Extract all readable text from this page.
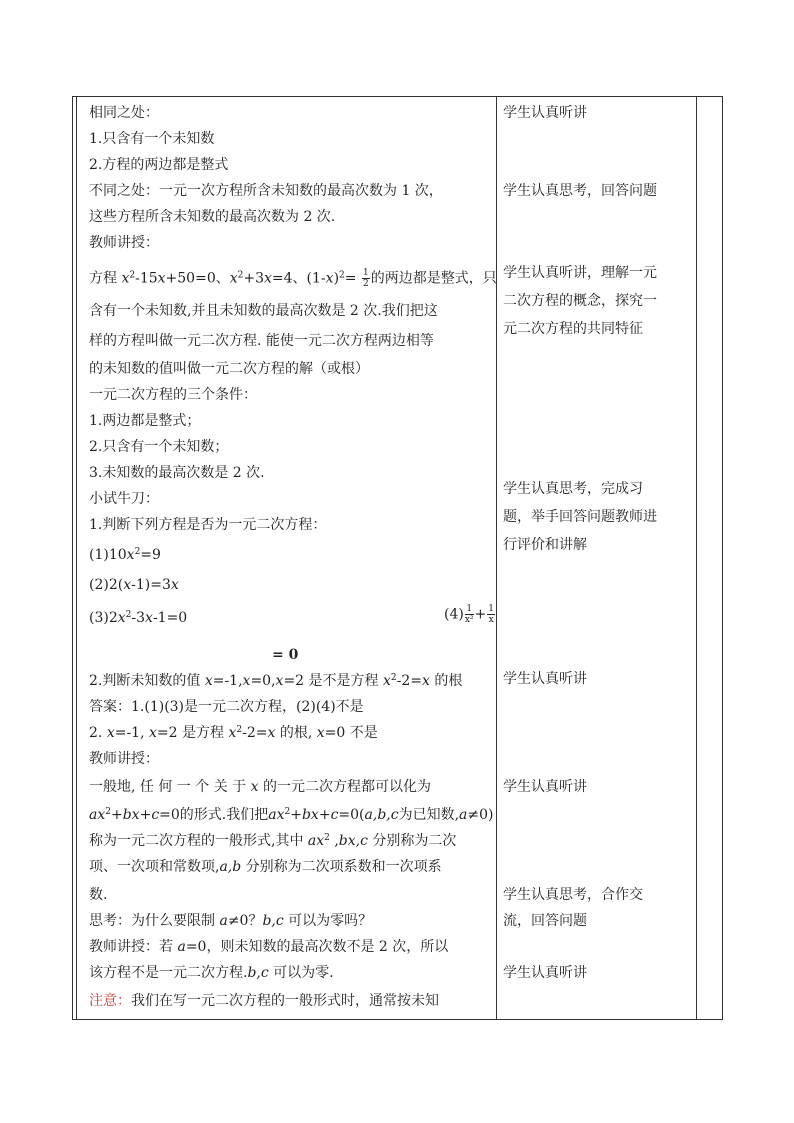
相同之处：
1.只含有一个未知数
2.方程的两边都是整式
不同之处：一元一次方程所含未知数的最高次数为 1 次，
这些方程所含未知数的最高次数为 2 次.
教师讲授：
方程 $x^2-15x+50=0$、$x^2+3x=4$、$(1-x)^2= \frac{1}{2}$ 的两边都是整式，只
含有一个未知数,并且未知数的最高次数是 2 次.我们把这
样的方程叫做一元二次方程. 能使一元二次方程两边相等
的未知数的值叫做一元二次方程的解（或根）
一元二次方程的三个条件：
1.两边都是整式；
2.只含有一个未知数；
3.未知数的最高次数是 2 次.
小试牛刀：
1.判断下列方程是否为一元二次方程：
$(1)10x^2=9$
(2)2(x-1)=3x
$(3)2x^2-3x-1=0$	$(4) \frac{1}{\text{x²}} + \frac{1}{x}$
= 0
2.判断未知数的值 x=-1,x=0,x=2 是不是方程 $x^2-2=x$ 的根
答案：1.(1)(3)是一元二次方程，(2)(4)不是
2. x=-1, x=2 是方程 $x^2-2=x$ 的根, x=0 不是
教师讲授：
一般地, 任 何 一 个 关 于 x 的一元二次方程都可以化为
$ax^2+bx+c=0$的形式.我们把$ax^2+bx+c=0(a,b,c$为已知数,a≠0)
称为一元二次方程的一般形式,其中 $ax^2$ ,bx,c 分别称为二次
项、一次项和常数项,a,b 分别称为二次项系数和一次项系
数.
思考：为什么要限制 a≠0？b,c 可以为零吗？
教师讲授：若 a=0，则未知数的最高次数不是 2 次，所以
该方程不是一元二次方程.b,c 可以为零.
注意：我们在写一元二次方程的一般形式时，通常按未知
学生认真听讲
学生认真思考，回答问题
学生认真听讲，理解一元
二次方程的概念，探究一
元二次方程的共同特征
学生认真思考，完成习
题，举手回答问题教师进
行评价和讲解
学生认真听讲
学生认真听讲
学生认真思考，合作交
流，回答问题
学生认真听讲
